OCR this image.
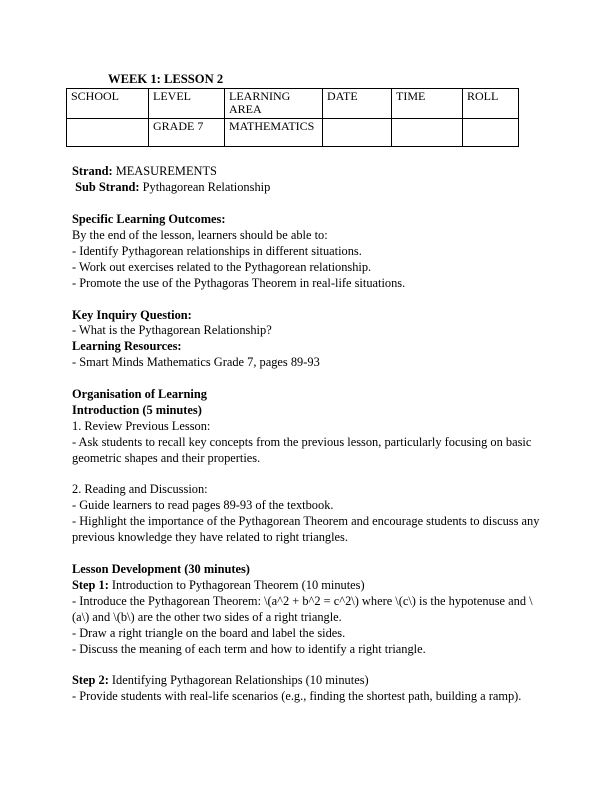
WEEK 1: LESSON 2
SCHOOL	LEVEL	LEARNING AREA	DATE	TIME	ROLL
	GRADE 7	MATHEMATICS			
Strand: MEASUREMENTS
Sub Strand: Pythagorean Relationship
Specific Learning Outcomes:
By the end of the lesson, learners should be able to:
- Identify Pythagorean relationships in different situations.
- Work out exercises related to the Pythagorean relationship.
- Promote the use of the Pythagoras Theorem in real-life situations.
Key Inquiry Question:
- What is the Pythagorean Relationship?
Learning Resources:
- Smart Minds Mathematics Grade 7, pages 89-93
Organisation of Learning
Introduction (5 minutes)
1. Review Previous Lesson:
- Ask students to recall key concepts from the previous lesson, particularly focusing on basic geometric shapes and their properties.
2. Reading and Discussion:
- Guide learners to read pages 89-93 of the textbook.
- Highlight the importance of the Pythagorean Theorem and encourage students to discuss any previous knowledge they have related to right triangles.
Lesson Development (30 minutes)
Step 1: Introduction to Pythagorean Theorem (10 minutes)
- Introduce the Pythagorean Theorem: \(a^2 + b^2 = c^2\) where \(c\) is the hypotenuse and \(a\) and \(b\) are the other two sides of a right triangle.
- Draw a right triangle on the board and label the sides.
- Discuss the meaning of each term and how to identify a right triangle.
Step 2: Identifying Pythagorean Relationships (10 minutes)
- Provide students with real-life scenarios (e.g., finding the shortest path, building a ramp).
